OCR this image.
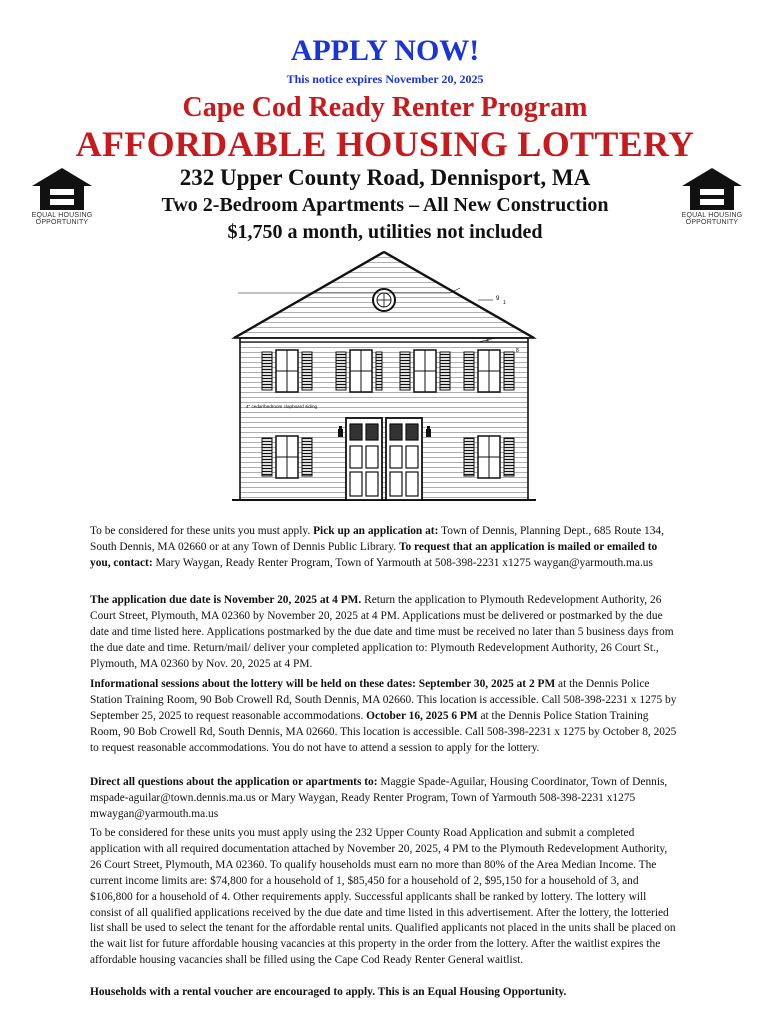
APPLY NOW!
This notice expires November 20, 2025
Cape Cod Ready Renter Program
AFFORDABLE HOUSING LOTTERY
232 Upper County Road, Dennisport, MA
Two 2-Bedroom Apartments – All New Construction
$1,750 a month, utilities not included
EQUAL HOUSING
OPPORTUNITY
EQUAL HOUSING
OPPORTUNITY
9
1
4" cedar/bedroom clapboard siding

To be considered for these units you must apply. Pick up an application at: Town of Dennis, Planning Dept., 685 Route 134, South Dennis, MA 02660 or at any Town of Dennis Public Library. To request that an application is mailed or emailed to you, contact: Mary Waygan, Ready Renter Program, Town of Yarmouth at 508-398-2231 x1275 waygan@yarmouth.ma.us

The application due date is November 20, 2025 at 4 PM. Return the application to Plymouth Redevelopment Authority, 26 Court Street, Plymouth, MA 02360 by November 20, 2025 at 4 PM. Applications must be delivered or postmarked by the due date and time listed here. Applications postmarked by the due date and time must be received no later than 5 business days from the due date and time. Return/mail/ deliver your completed application to: Plymouth Redevelopment Authority, 26 Court St., Plymouth, MA 02360 by Nov. 20, 2025 at 4 PM.

Informational sessions about the lottery will be held on these dates: September 30, 2025 at 2 PM at the Dennis Police Station Training Room, 90 Bob Crowell Rd, South Dennis, MA 02660. This location is accessible. Call 508-398-2231 x 1275 by September 25, 2025 to request reasonable accommodations. October 16, 2025 6 PM at the Dennis Police Station Training Room, 90 Bob Crowell Rd, South Dennis, MA 02660. This location is accessible. Call 508-398-2231 x 1275 by October 8, 2025 to request reasonable accommodations. You do not have to attend a session to apply for the lottery.

Direct all questions about the application or apartments to: Maggie Spade-Aguilar, Housing Coordinator, Town of Dennis, mspade-aguilar@town.dennis.ma.us or Mary Waygan, Ready Renter Program, Town of Yarmouth 508-398-2231 x1275 mwaygan@yarmouth.ma.us

To be considered for these units you must apply using the 232 Upper County Road Application and submit a completed application with all required documentation attached by November 20, 2025, 4 PM to the Plymouth Redevelopment Authority, 26 Court Street, Plymouth, MA 02360. To qualify households must earn no more than 80% of the Area Median Income. The current income limits are: $74,800 for a household of 1, $85,450 for a household of 2, $95,150 for a household of 3, and $106,800 for a household of 4. Other requirements apply. Successful applicants shall be ranked by lottery. The lottery will consist of all qualified applications received by the due date and time listed in this advertisement. After the lottery, the lotteried list shall be used to select the tenant for the affordable rental units. Qualified applicants not placed in the units shall be placed on the wait list for future affordable housing vacancies at this property in the order from the lottery. After the waitlist expires the affordable housing vacancies shall be filled using the Cape Cod Ready Renter General waitlist.

Households with a rental voucher are encouraged to apply. This is an Equal Housing Opportunity.
